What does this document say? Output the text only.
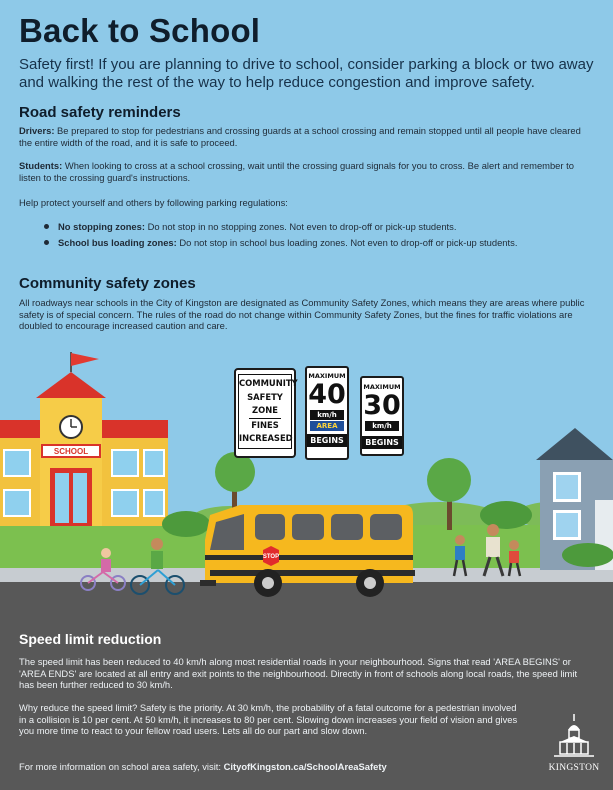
Back to School
Safety first! If you are planning to drive to school, consider parking a block or two away and walking the rest of the way to help reduce congestion and improve safety.
Road safety reminders
Drivers: Be prepared to stop for pedestrians and crossing guards at a school crossing and remain stopped until all people have cleared the entire width of the road, and it is safe to proceed.
Students: When looking to cross at a school crossing, wait until the crossing guard signals for you to cross. Be alert and remember to listen to the crossing guard's instructions.
Help protect yourself and others by following parking regulations:
No stopping zones: Do not stop in no stopping zones. Not even to drop-off or pick-up students.
School bus loading zones: Do not stop in school bus loading zones. Not even to drop-off or pick-up students.
Community safety zones
All roadways near schools in the City of Kingston are designated as Community Safety Zones, which means they are areas where public safety is of special concern. The rules of the road do not change within Community Safety Zones, but the fines for traffic violations are doubled to encourage increased caution and care.
SCHOOL
STOP
COMMUNITY
SAFETY
ZONE
FINES
INCREASED
MAXIMUM
40
km/h
AREA
BEGINS
MAXIMUM
30
km/h
BEGINS
Speed limit reduction
The speed limit has been reduced to 40 km/h along most residential roads in your neighbourhood. Signs that read 'AREA BEGINS' or 'AREA ENDS' are located at all entry and exit points to the neighbourhood. Directly in front of schools along local roads, the speed limit has been further reduced to 30 km/h.
Why reduce the speed limit? Safety is the priority. At 30 km/h, the probability of a fatal outcome for a pedestrian involved in a collision is 10 per cent. At 50 km/h, it increases to 80 per cent. Slowing down increases your field of vision and gives you more time to react to your fellow road users. Lets all do our part and slow down.
For more information on school area safety, visit: CityofKingston.ca/SchoolAreaSafety	KINGSTON
